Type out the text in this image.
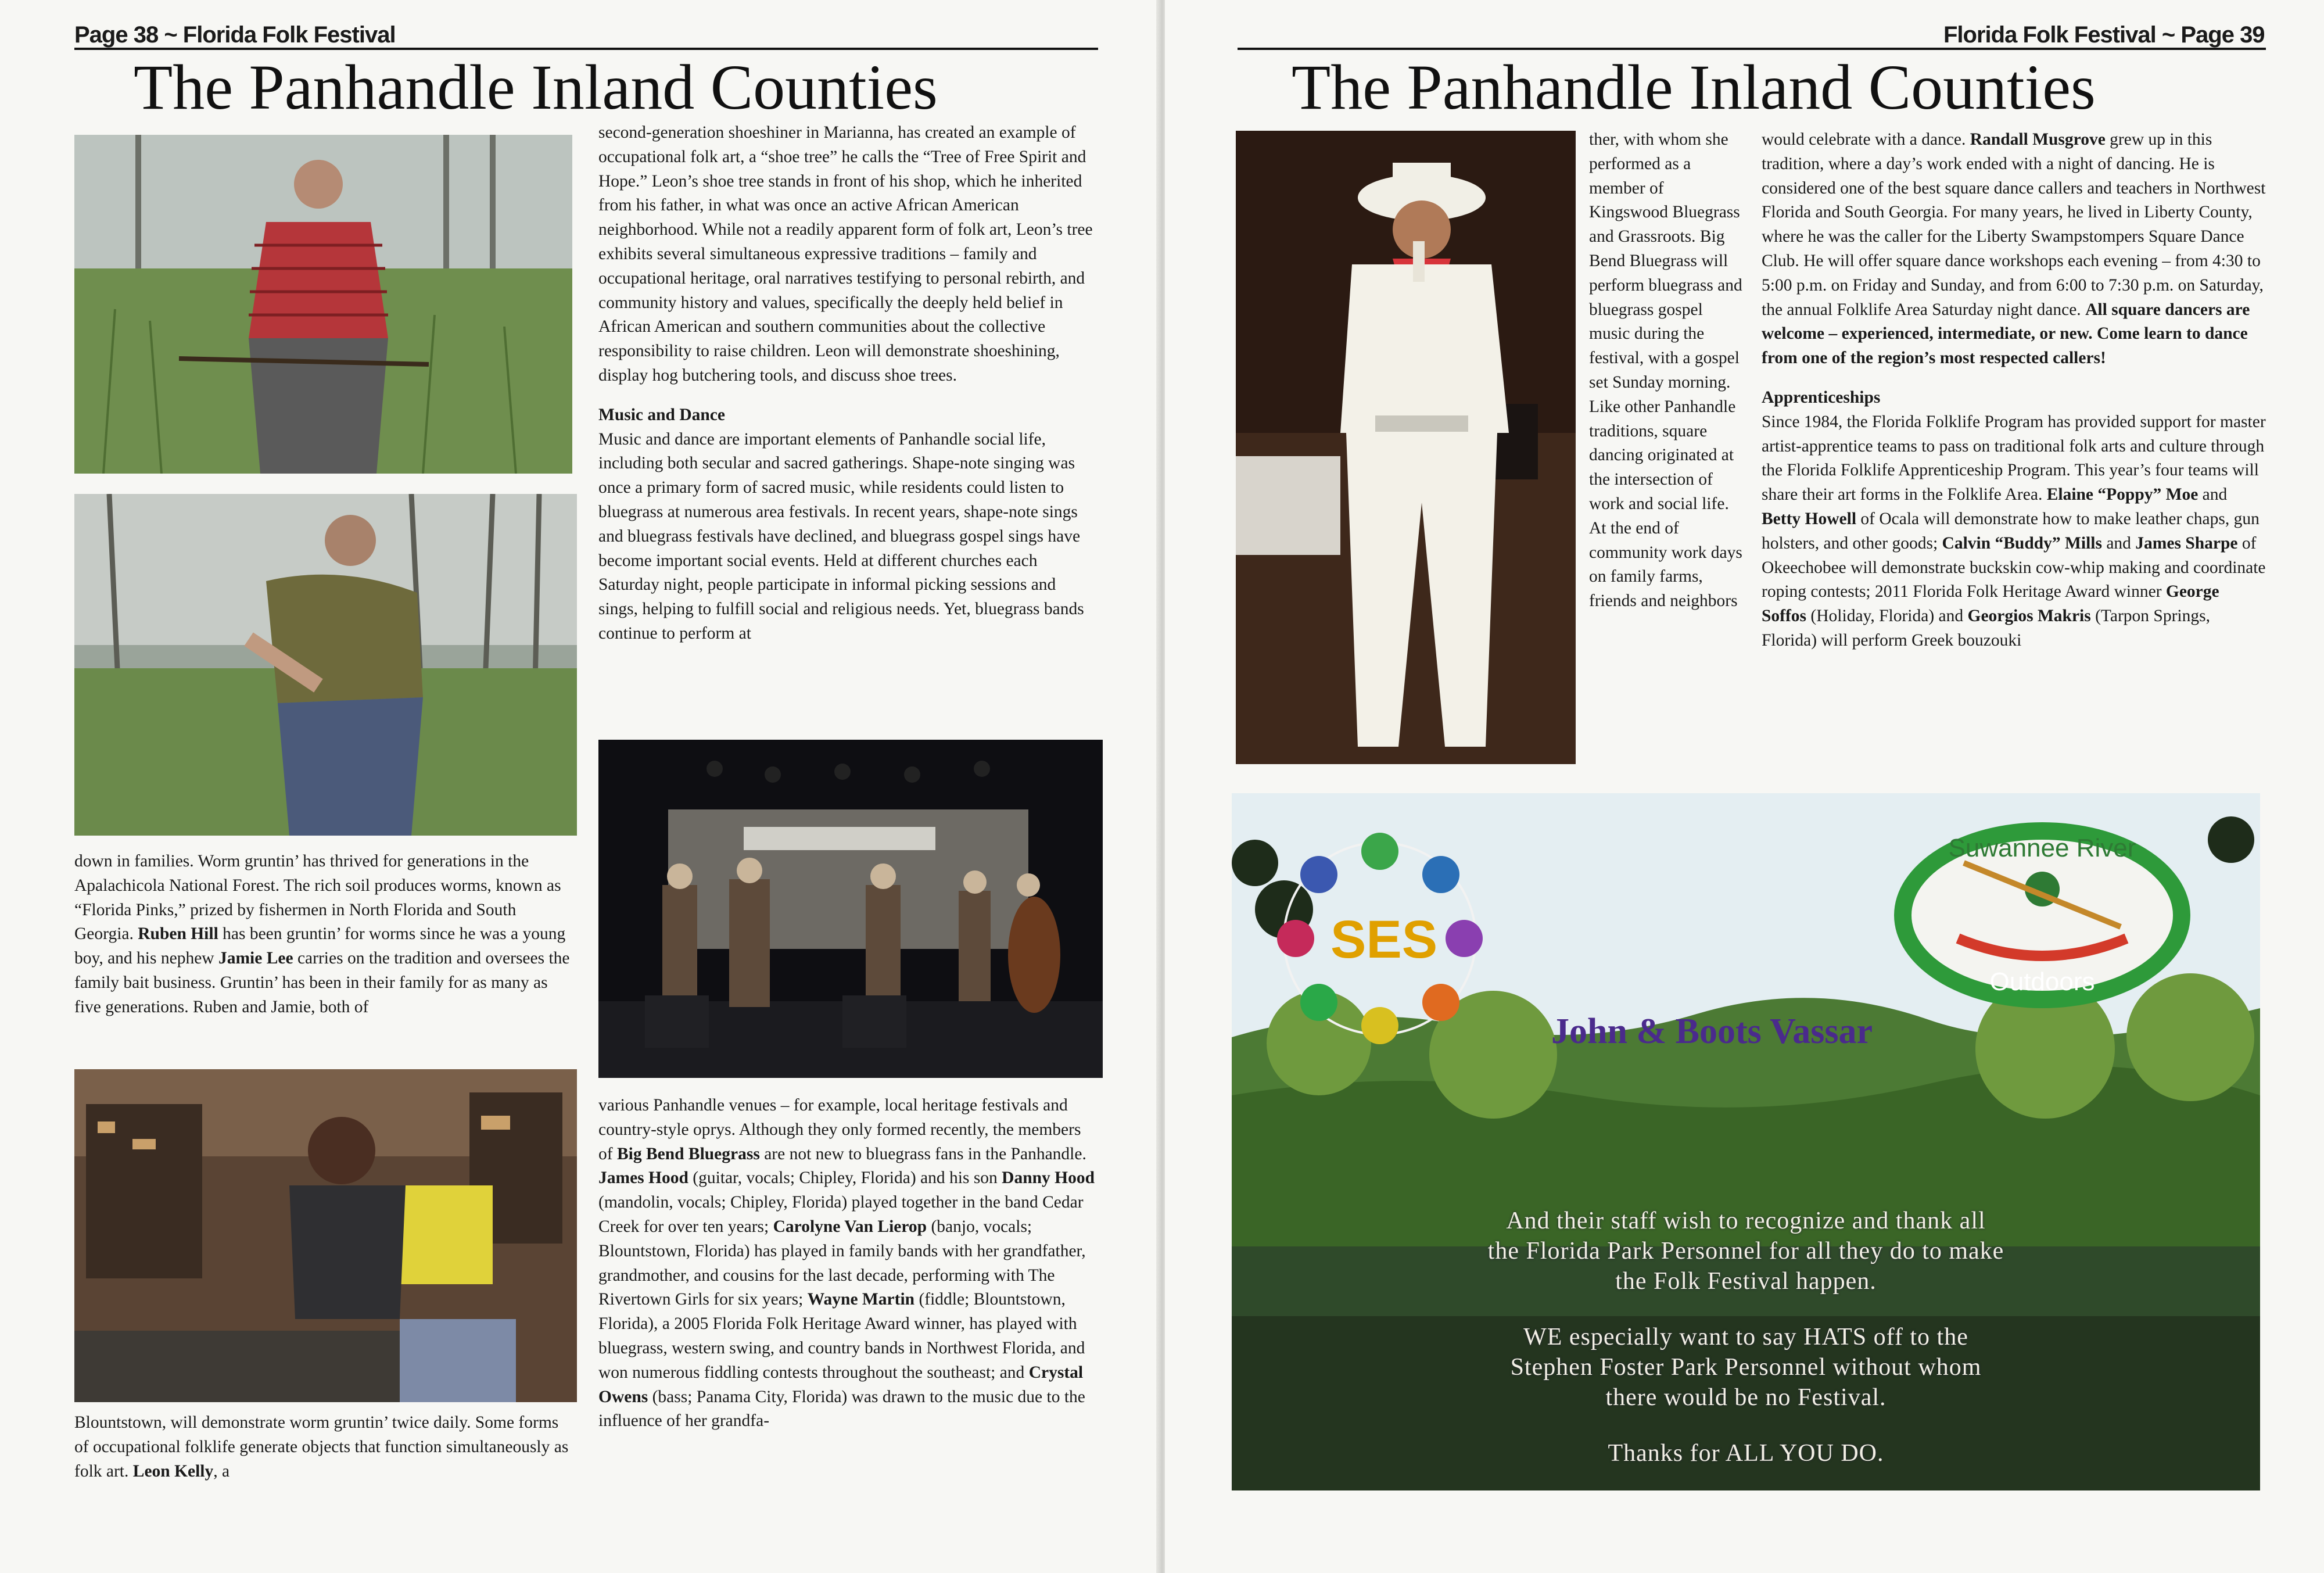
Page 38 ~ Florida Folk Festival
The Panhandle Inland Counties

down in families. Worm gruntin’ has thrived for generations in the Apalachicola National Forest. The rich soil produces worms, known as “Florida Pinks,” prized by fishermen in North Florida and South Georgia. Ruben Hill has been gruntin’ for worms since he was a young boy, and his nephew Jamie Lee carries on the tradition and oversees the family bait business. Gruntin’ has been in their family for as many as five generations. Ruben and Jamie, both of

Blountstown, will demonstrate worm gruntin’ twice daily. Some forms of occupational folklife generate objects that function simultaneously as folk art. Leon Kelly, a

second-generation shoeshiner in Marianna, has created an example of occupational folk art, a “shoe tree” he calls the “Tree of Free Spirit and Hope.” Leon’s shoe tree stands in front of his shop, which he inherited from his father, in what was once an active African American neighborhood. While not a readily apparent form of folk art, Leon’s tree exhibits several simultaneous expressive traditions – family and occupational heritage, oral narratives testifying to personal rebirth, and community history and values, specifically the deeply held belief in African American and southern communities about the collective responsibility to raise children. Leon will demonstrate shoeshining, display hog butchering tools, and discuss shoe trees.

Music and Dance

Music and dance are important elements of Panhandle social life, including both secular and sacred gatherings. Shape-note singing was once a primary form of sacred music, while residents could listen to bluegrass at numerous area festivals. In recent years, shape-note sings and bluegrass festivals have declined, and bluegrass gospel sings have become important social events. Held at different churches each Saturday night, people participate in informal picking sessions and sings, helping to fulfill social and religious needs. Yet, bluegrass bands continue to perform at

various Panhandle venues – for example, local heritage festivals and country-style oprys. Although they only formed recently, the members of Big Bend Bluegrass are not new to bluegrass fans in the Panhandle. James Hood (guitar, vocals; Chipley, Florida) and his son Danny Hood (mandolin, vocals; Chipley, Florida) played together in the band Cedar Creek for over ten years; Carolyne Van Lierop (banjo, vocals; Blountstown, Florida) has played in family bands with her grandfather, grandmother, and cousins for the last decade, performing with The Rivertown Girls for six years; Wayne Martin (fiddle; Blountstown, Florida), a 2005 Florida Folk Heritage Award winner, has played with bluegrass, western swing, and country bands in Northwest Florida, and won numerous fiddling contests throughout the southeast; and Crystal Owens (bass; Panama City, Florida) was drawn to the music due to the influence of her grandfa-

Florida Folk Festival ~ Page 39
The Panhandle Inland Counties

ther, with whom she performed as a member of Kingswood Bluegrass and Grassroots. Big Bend Bluegrass will perform bluegrass and bluegrass gospel music during the festival, with a gospel set Sunday morning. Like other Panhandle traditions, square dancing originated at the intersection of work and social life. At the end of community work days on family farms, friends and neighbors

would celebrate with a dance. Randall Musgrove grew up in this tradition, where a day’s work ended with a night of dancing. He is considered one of the best square dance callers and teachers in Northwest Florida and South Georgia. For many years, he lived in Liberty County, where he was the caller for the Liberty Swampstompers Square Dance Club. He will offer square dance workshops each evening – from 4:30 to 5:00 p.m. on Friday and Sunday, and from 6:00 to 7:30 p.m. on Saturday, the annual Folklife Area Saturday night dance. All square dancers are welcome – experienced, intermediate, or new. Come learn to dance from one of the region’s most respected callers!

Apprenticeships

Since 1984, the Florida Folklife Program has provided support for master artist-apprentice teams to pass on traditional folk arts and culture through the Florida Folklife Apprenticeship Program. This year’s four teams will share their art forms in the Folklife Area. Elaine “Poppy” Moe and Betty Howell of Ocala will demonstrate how to make leather chaps, gun holsters, and other goods; Calvin “Buddy” Mills and James Sharpe of Okeechobee will demonstrate buckskin cow-whip making and coordinate roping contests; 2011 Florida Folk Heritage Award winner George Soffos (Holiday, Florida) and Georgios Makris (Tarpon Springs, Florida) will perform Greek bouzouki

SES
Suwannee River
Outdoors
John & Boots Vassar
And their staff wish to recognize and thank all
the Florida Park Personnel for all they do to make
the Folk Festival happen.
WE especially want to say HATS off to the
Stephen Foster Park Personnel without whom
there would be no Festival.
Thanks for ALL YOU DO.
